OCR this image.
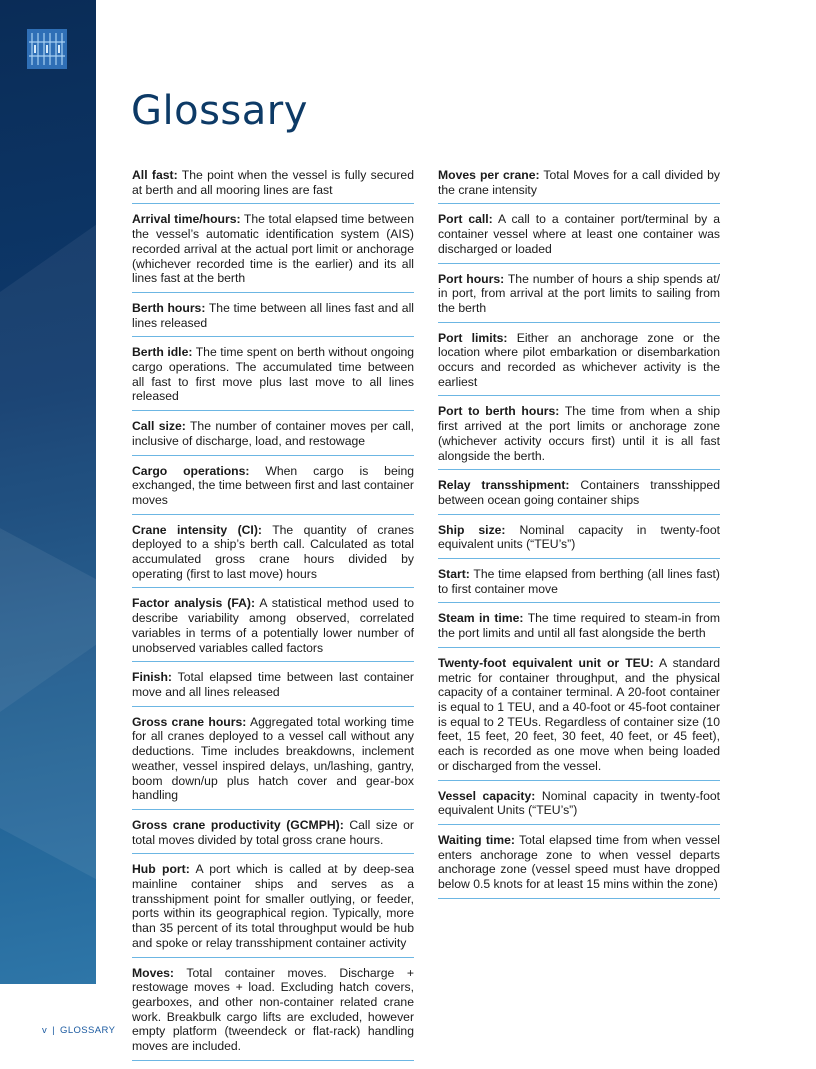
Glossary

All fast: The point when the vessel is fully secured at berth and all mooring lines are fast

Arrival time/hours: The total elapsed time between the vessel’s automatic identification system (AIS) recorded arrival at the actual port limit or anchorage (whichever recorded time is the earlier) and its all lines fast at the berth

Berth hours: The time between all lines fast and all lines released

Berth idle: The time spent on berth without ongoing cargo operations. The accumulated time between all fast to first move plus last move to all lines released

Call size: The number of container moves per call, inclusive of discharge, load, and restowage

Cargo operations: When cargo is being exchanged, the time between first and last container moves

Crane intensity (CI): The quantity of cranes deployed to a ship’s berth call. Calculated as total accumulated gross crane hours divided by operating (first to last move) hours

Factor analysis (FA): A statistical method used to describe variability among observed, correlated variables in terms of a potentially lower number of unobserved variables called factors

Finish: Total elapsed time between last container move and all lines released

Gross crane hours: Aggregated total working time for all cranes deployed to a vessel call without any deductions. Time includes breakdowns, inclement weather, vessel inspired delays, un/lashing, gantry, boom down/up plus hatch cover and gear-box handling

Gross crane productivity (GCMPH): Call size or total moves divided by total gross crane hours.

Hub port: A port which is called at by deep-sea mainline container ships and serves as a transshipment point for smaller outlying, or feeder, ports within its geographical region. Typically, more than 35 percent of its total throughput would be hub and spoke or relay transshipment container activity

Moves: Total container moves. Discharge + restowage moves + load. Excluding hatch covers, gearboxes, and other non-container related crane work. Breakbulk cargo lifts are excluded, however empty platform (tweendeck or flat-rack) handling moves are included.

Moves per crane: Total Moves for a call divided by the crane intensity

Port call: A call to a container port/terminal by a container vessel where at least one container was discharged or loaded

Port hours: The number of hours a ship spends at/ in port, from arrival at the port limits to sailing from the berth

Port limits: Either an anchorage zone or the location where pilot embarkation or disembarkation occurs and recorded as whichever activity is the earliest

Port to berth hours: The time from when a ship first arrived at the port limits or anchorage zone (whichever activity occurs first) until it is all fast alongside the berth.

Relay transshipment: Containers transshipped between ocean going container ships

Ship size: Nominal capacity in twenty-foot equivalent units (“TEU’s”)

Start: The time elapsed from berthing (all lines fast) to first container move

Steam in time: The time required to steam-in from the port limits and until all fast alongside the berth

Twenty-foot equivalent unit or TEU: A standard metric for container throughput, and the physical capacity of a container terminal. A 20-foot container is equal to 1 TEU, and a 40-foot or 45-foot container is equal to 2 TEUs. Regardless of container size (10 feet, 15 feet, 20 feet, 30 feet, 40 feet, or 45 feet), each is recorded as one move when being loaded or discharged from the vessel.

Vessel capacity: Nominal capacity in twenty-foot equivalent Units (“TEU’s”)

Waiting time: Total elapsed time from when vessel enters anchorage zone to when vessel departs anchorage zone (vessel speed must have dropped below 0.5 knots for at least 15 mins within the zone)

v | GLOSSARY
